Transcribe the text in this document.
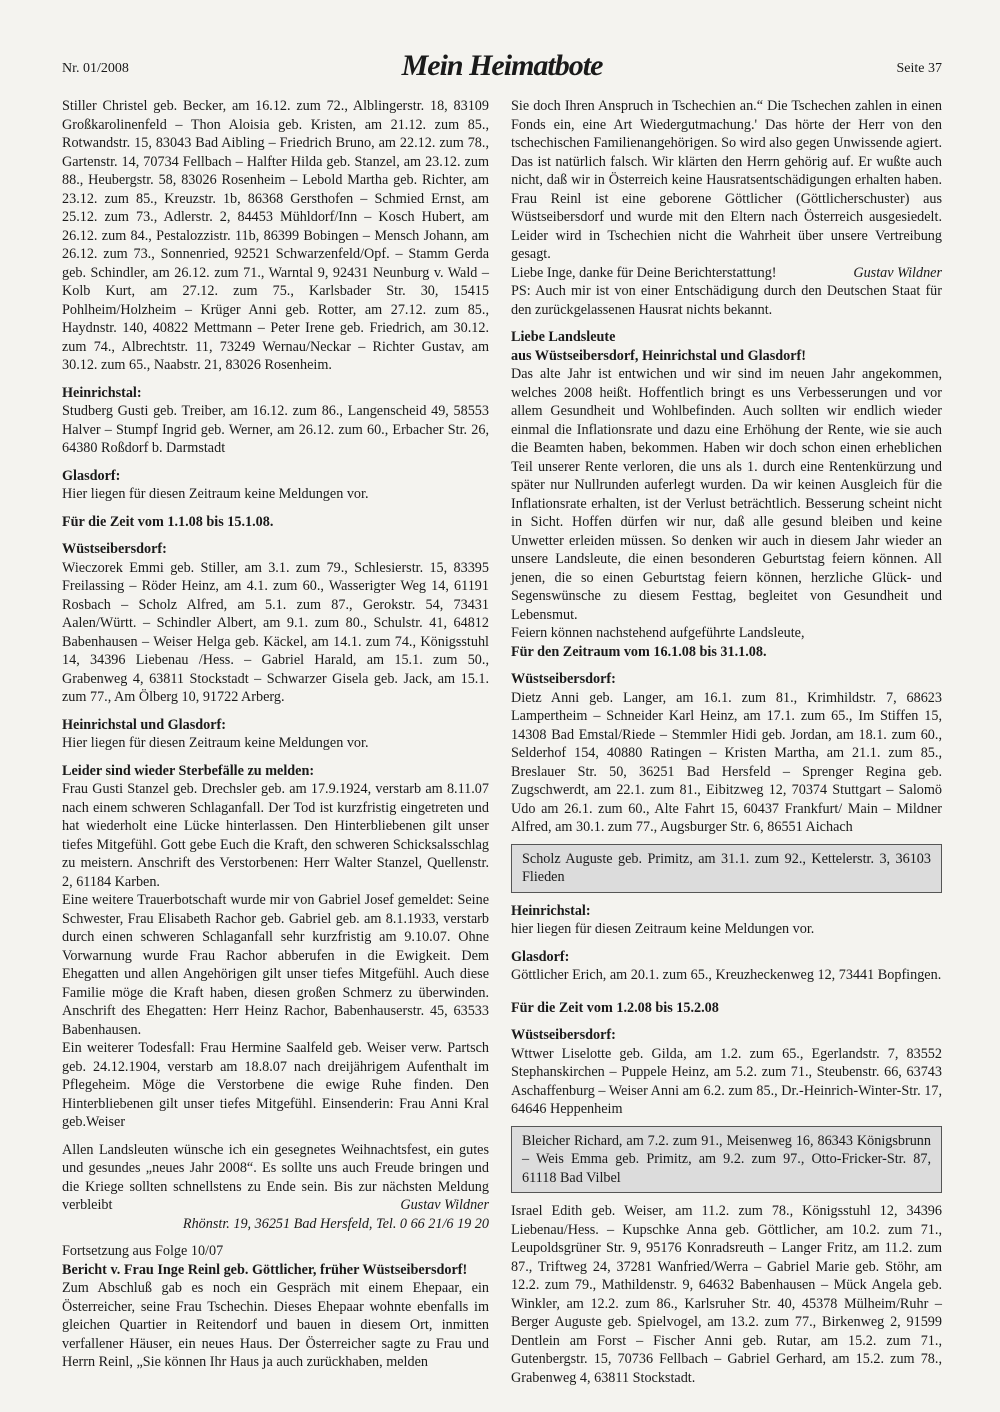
Nr. 01/2008	Mein Heimatbote	Seite 37

Stiller Christel geb. Becker, am 16.12. zum 72., Alblingerstr. 18, 83109 Großkarolinenfeld – Thon Aloisia geb. Kristen, am 21.12. zum 85., Rotwandstr. 15, 83043 Bad Aibling – Friedrich Bruno, am 22.12. zum 78., Gartenstr. 14, 70734 Fellbach – Halfter Hilda geb. Stanzel, am 23.12. zum 88., Heubergstr. 58, 83026 Rosenheim – Lebold Martha geb. Richter, am 23.12. zum 85., Kreuzstr. 1b, 86368 Gersthofen – Schmied Ernst, am 25.12. zum 73., Adlerstr. 2, 84453 Mühldorf/Inn – Kosch Hubert, am 26.12. zum 84., Pestalozzistr. 11b, 86399 Bobingen – Mensch Johann, am 26.12. zum 73., Sonnenried, 92521 Schwarzenfeld/Opf. – Stamm Gerda geb. Schindler, am 26.12. zum 71., Warntal 9, 92431 Neunburg v. Wald – Kolb Kurt, am 27.12. zum 75., Karlsbader Str. 30, 15415 Pohlheim/Holzheim – Krüger Anni geb. Rotter, am 27.12. zum 85., Haydnstr. 140, 40822 Mettmann – Peter Irene geb. Friedrich, am 30.12. zum 74., Albrechtstr. 11, 73249 Wernau/Neckar – Richter Gustav, am 30.12. zum 65., Naabstr. 21, 83026 Rosenheim.

Heinrichstal:

Studberg Gusti geb. Treiber, am 16.12. zum 86., Langenscheid 49, 58553 Halver – Stumpf Ingrid geb. Werner, am 26.12. zum 60., Erbacher Str. 26, 64380 Roßdorf b. Darmstadt

Glasdorf:

Hier liegen für diesen Zeitraum keine Meldungen vor.

Für die Zeit vom 1.1.08 bis 15.1.08.

Wüstseibersdorf:

Wieczorek Emmi geb. Stiller, am 3.1. zum 79., Schlesierstr. 15, 83395 Freilassing – Röder Heinz, am 4.1. zum 60., Wasserigter Weg 14, 61191 Rosbach – Scholz Alfred, am 5.1. zum 87., Gerokstr. 54, 73431 Aalen/Württ. – Schindler Albert, am 9.1. zum 80., Schulstr. 41, 64812 Babenhausen – Weiser Helga geb. Käckel, am 14.1. zum 74., Königsstuhl 14, 34396 Liebenau /Hess. – Gabriel Harald, am 15.1. zum 50., Grabenweg 4, 63811 Stockstadt – Schwarzer Gisela geb. Jack, am 15.1. zum 77., Am Ölberg 10, 91722 Arberg.

Heinrichstal und Glasdorf:

Hier liegen für diesen Zeitraum keine Meldungen vor.

Leider sind wieder Sterbefälle zu melden:

Frau Gusti Stanzel geb. Drechsler geb. am 17.9.1924, verstarb am 8.11.07 nach einem schweren Schlaganfall. Der Tod ist kurzfristig eingetreten und hat wiederholt eine Lücke hinterlassen. Den Hinterbliebenen gilt unser tiefes Mitgefühl. Gott gebe Euch die Kraft, den schweren Schicksalsschlag zu meistern. Anschrift des Verstorbenen: Herr Walter Stanzel, Quellenstr. 2, 61184 Karben.

Eine weitere Trauerbotschaft wurde mir von Gabriel Josef gemeldet: Seine Schwester, Frau Elisabeth Rachor geb. Gabriel geb. am 8.1.1933, verstarb durch einen schweren Schlaganfall sehr kurzfristig am 9.10.07. Ohne Vorwarnung wurde Frau Rachor abberufen in die Ewigkeit. Dem Ehegatten und allen Angehörigen gilt unser tiefes Mitgefühl. Auch diese Familie möge die Kraft haben, diesen großen Schmerz zu überwinden. Anschrift des Ehegatten: Herr Heinz Rachor, Babenhauserstr. 45, 63533 Babenhausen.

Ein weiterer Todesfall: Frau Hermine Saalfeld geb. Weiser verw. Partsch geb. 24.12.1904, verstarb am 18.8.07 nach dreijährigem Aufenthalt im Pflegeheim. Möge die Verstorbene die ewige Ruhe finden. Den Hinterbliebenen gilt unser tiefes Mitgefühl. Einsenderin: Frau Anni Kral geb.Weiser

Allen Landsleuten wünsche ich ein gesegnetes Weihnachtsfest, ein gutes und gesundes „neues Jahr 2008“. Es sollte uns auch Freude bringen und die Kriege sollten schnellstens zu Ende sein. Bis zur nächsten Meldung verbleibt	Gustav Wildner

Rhönstr. 19, 36251 Bad Hersfeld, Tel. 0 66 21/6 19 20

Fortsetzung aus Folge 10/07

Bericht v. Frau Inge Reinl geb. Göttlicher, früher Wüstseibersdorf!

Zum Abschluß gab es noch ein Gespräch mit einem Ehepaar, ein Österreicher, seine Frau Tschechin. Dieses Ehepaar wohnte ebenfalls im gleichen Quartier in Reitendorf und bauen in diesem Ort, inmitten verfallener Häuser, ein neues Haus. Der Österreicher sagte zu Frau und Herrn Reinl, „Sie können Ihr Haus ja auch zurückhaben, melden

Sie doch Ihren Anspruch in Tschechien an.“ Die Tschechen zahlen in einen Fonds ein, eine Art Wiedergutmachung.' Das hörte der Herr von den tschechischen Familienangehörigen. So wird also gegen Unwissende agiert. Das ist natürlich falsch. Wir klärten den Herrn gehörig auf. Er wußte auch nicht, daß wir in Österreich keine Hausratsentschädigungen erhalten haben. Frau Reinl ist eine geborene Göttlicher (Göttlicherschuster) aus Wüstseibersdorf und wurde mit den Eltern nach Österreich ausgesiedelt. Leider wird in Tschechien nicht die Wahrheit über unsere Vertreibung gesagt.

Liebe Inge, danke für Deine Berichterstattung!	Gustav Wildner

PS: Auch mir ist von einer Entschädigung durch den Deutschen Staat für den zurückgelassenen Hausrat nichts bekannt.

Liebe Landsleute

aus Wüstseibersdorf, Heinrichstal und Glasdorf!

Das alte Jahr ist entwichen und wir sind im neuen Jahr angekommen, welches 2008 heißt. Hoffentlich bringt es uns Verbesserungen und vor allem Gesundheit und Wohlbefinden. Auch sollten wir endlich wieder einmal die Inflationsrate und dazu eine Erhöhung der Rente, wie sie auch die Beamten haben, bekommen. Haben wir doch schon einen erheblichen Teil unserer Rente verloren, die uns als 1. durch eine Rentenkürzung und später nur Nullrunden auferlegt wurden. Da wir keinen Ausgleich für die Inflationsrate erhalten, ist der Verlust beträchtlich. Besserung scheint nicht in Sicht. Hoffen dürfen wir nur, daß alle gesund bleiben und keine Unwetter erleiden müssen. So denken wir auch in diesem Jahr wieder an unsere Landsleute, die einen besonderen Geburtstag feiern können. All jenen, die so einen Geburtstag feiern können, herzliche Glück- und Segenswünsche zu diesem Festtag, begleitet von Gesundheit und Lebensmut.

Feiern können nachstehend aufgeführte Landsleute,

Für den Zeitraum vom 16.1.08 bis 31.1.08.

Wüstseibersdorf:

Dietz Anni geb. Langer, am 16.1. zum 81., Krimhildstr. 7, 68623 Lampertheim – Schneider Karl Heinz, am 17.1. zum 65., Im Stiffen 15, 14308 Bad Emstal/Riede – Stemmler Hidi geb. Jordan, am 18.1. zum 60., Selderhof 154, 40880 Ratingen – Kristen Martha, am 21.1. zum 85., Breslauer Str. 50, 36251 Bad Hersfeld – Sprenger Regina geb. Zugschwerdt, am 22.1. zum 81., Eibitzweg 12, 70374 Stuttgart – Salomö Udo am 26.1. zum 60., Alte Fahrt 15, 60437 Frankfurt/ Main – Mildner Alfred, am 30.1. zum 77., Augsburger Str. 6, 86551 Aichach

Scholz Auguste geb. Primitz, am 31.1. zum 92., Kettelerstr. 3, 36103 Flieden

Heinrichstal:

hier liegen für diesen Zeitraum keine Meldungen vor.

Glasdorf:

Göttlicher Erich, am 20.1. zum 65., Kreuzheckenweg 12, 73441 Bopfingen.

Für die Zeit vom 1.2.08 bis 15.2.08

Wüstseibersdorf:

Wttwer Liselotte geb. Gilda, am 1.2. zum 65., Egerlandstr. 7, 83552 Stephanskirchen – Puppele Heinz, am 5.2. zum 71., Steubenstr. 66, 63743 Aschaffenburg – Weiser Anni am 6.2. zum 85., Dr.-Heinrich-Winter-Str. 17, 64646 Heppenheim

Bleicher Richard, am 7.2. zum 91., Meisenweg 16, 86343 Königsbrunn – Weis Emma geb. Primitz, am 9.2. zum 97., Otto-Fricker-Str. 87, 61118 Bad Vilbel

Israel Edith geb. Weiser, am 11.2. zum 78., Königsstuhl 12, 34396 Liebenau/Hess. – Kupschke Anna geb. Göttlicher, am 10.2. zum 71., Leupoldsgrüner Str. 9, 95176 Konradsreuth – Langer Fritz, am 11.2. zum 87., Triftweg 24, 37281 Wanfried/Werra – Gabriel Marie geb. Stöhr, am 12.2. zum 79., Mathildenstr. 9, 64632 Babenhausen – Mück Angela geb. Winkler, am 12.2. zum 86., Karlsruher Str. 40, 45378 Mülheim/Ruhr – Berger Auguste geb. Spielvogel, am 13.2. zum 77., Birkenweg 2, 91599 Dentlein am Forst – Fischer Anni geb. Rutar, am 15.2. zum 71., Gutenbergstr. 15, 70736 Fellbach – Gabriel Gerhard, am 15.2. zum 78., Grabenweg 4, 63811 Stockstadt.
